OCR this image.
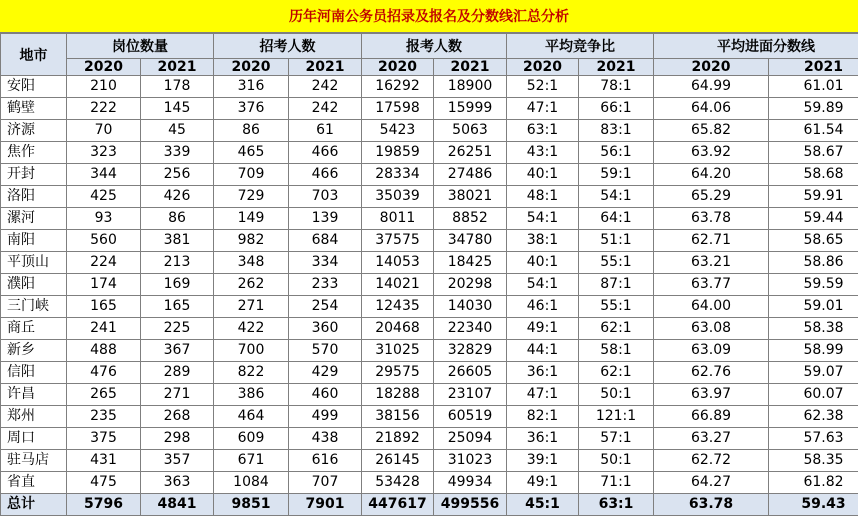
历年河南公务员招录及报名及分数线汇总分析
地市	岗位数量		招考人数		报考人数		平均竞争比		平均进面分数线	
	2020	2021	2020	2021	2020	2021	2020	2021	2020	2021
安阳	210	178	316	242	16292	18900	52:1	78:1	64.99	61.01
鹤壁	222	145	376	242	17598	15999	47:1	66:1	64.06	59.89
济源	70	45	86	61	5423	5063	63:1	83:1	65.82	61.54
焦作	323	339	465	466	19859	26251	43:1	56:1	63.92	58.67
开封	344	256	709	466	28334	27486	40:1	59:1	64.20	58.68
洛阳	425	426	729	703	35039	38021	48:1	54:1	65.29	59.91
漯河	93	86	149	139	8011	8852	54:1	64:1	63.78	59.44
南阳	560	381	982	684	37575	34780	38:1	51:1	62.71	58.65
平顶山	224	213	348	334	14053	18425	40:1	55:1	63.21	58.86
濮阳	174	169	262	233	14021	20298	54:1	87:1	63.77	59.59
三门峡	165	165	271	254	12435	14030	46:1	55:1	64.00	59.01
商丘	241	225	422	360	20468	22340	49:1	62:1	63.08	58.38
新乡	488	367	700	570	31025	32829	44:1	58:1	63.09	58.99
信阳	476	289	822	429	29575	26605	36:1	62:1	62.76	59.07
许昌	265	271	386	460	18288	23107	47:1	50:1	63.97	60.07
郑州	235	268	464	499	38156	60519	82:1	121:1	66.89	62.38
周口	375	298	609	438	21892	25094	36:1	57:1	63.27	57.63
驻马店	431	357	671	616	26145	31023	39:1	50:1	62.72	58.35
省直	475	363	1084	707	53428	49934	49:1	71:1	64.27	61.82
总计	5796	4841	9851	7901	447617	499556	45:1	63:1	63.78	59.43
